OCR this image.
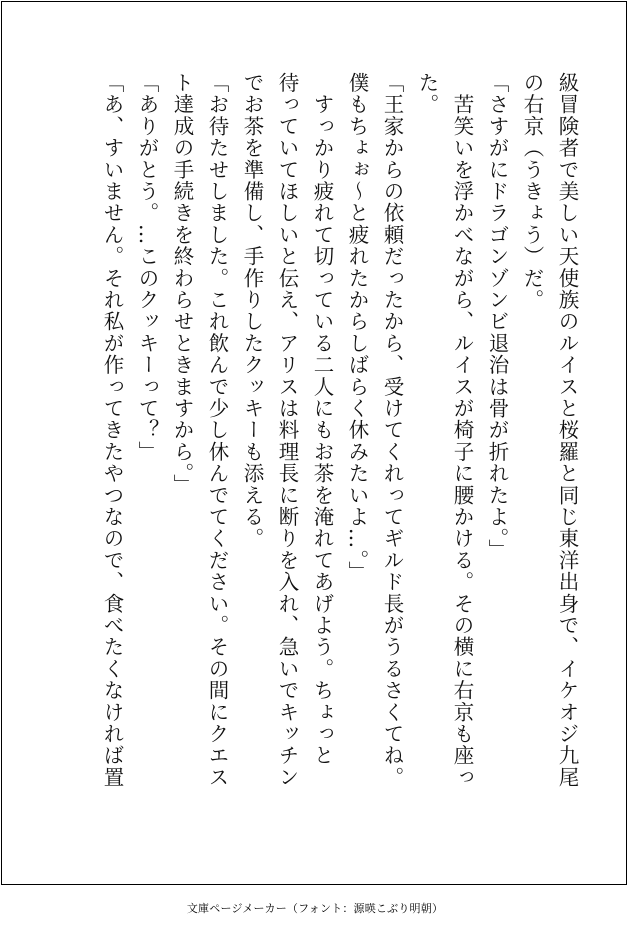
級冒険者で美しい天使族のルイスと桜羅と同じ東洋出身で、イケオジ九尾
の右京（うきょう）だ。
「さすがにドラゴンゾンビ退治は骨が折れたよ。」
　苦笑いを浮かべながら、ルイスが椅子に腰かける。その横に右京も座っ
た。
「王家からの依頼だったから、受けてくれってギルド長がうるさくてね。
僕もちょぉ〜と疲れたからしばらく休みたいよ…。」
　すっかり疲れて切っている二人にもお茶を淹れてあげよう。ちょっと
待っていてほしいと伝え、アリスは料理長に断りを入れ、急いでキッチン
でお茶を準備し、手作りしたクッキーも添える。
「お待たせしました。これ飲んで少し休んでてください。その間にクエス
ト達成の手続きを終わらせときますから。」
「ありがとう。…このクッキーって？」
「あ、すいません。それ私が作ってきたやつなので、食べたくなければ置
文庫ページメーカー（フォント：源暎こぶり明朝）
